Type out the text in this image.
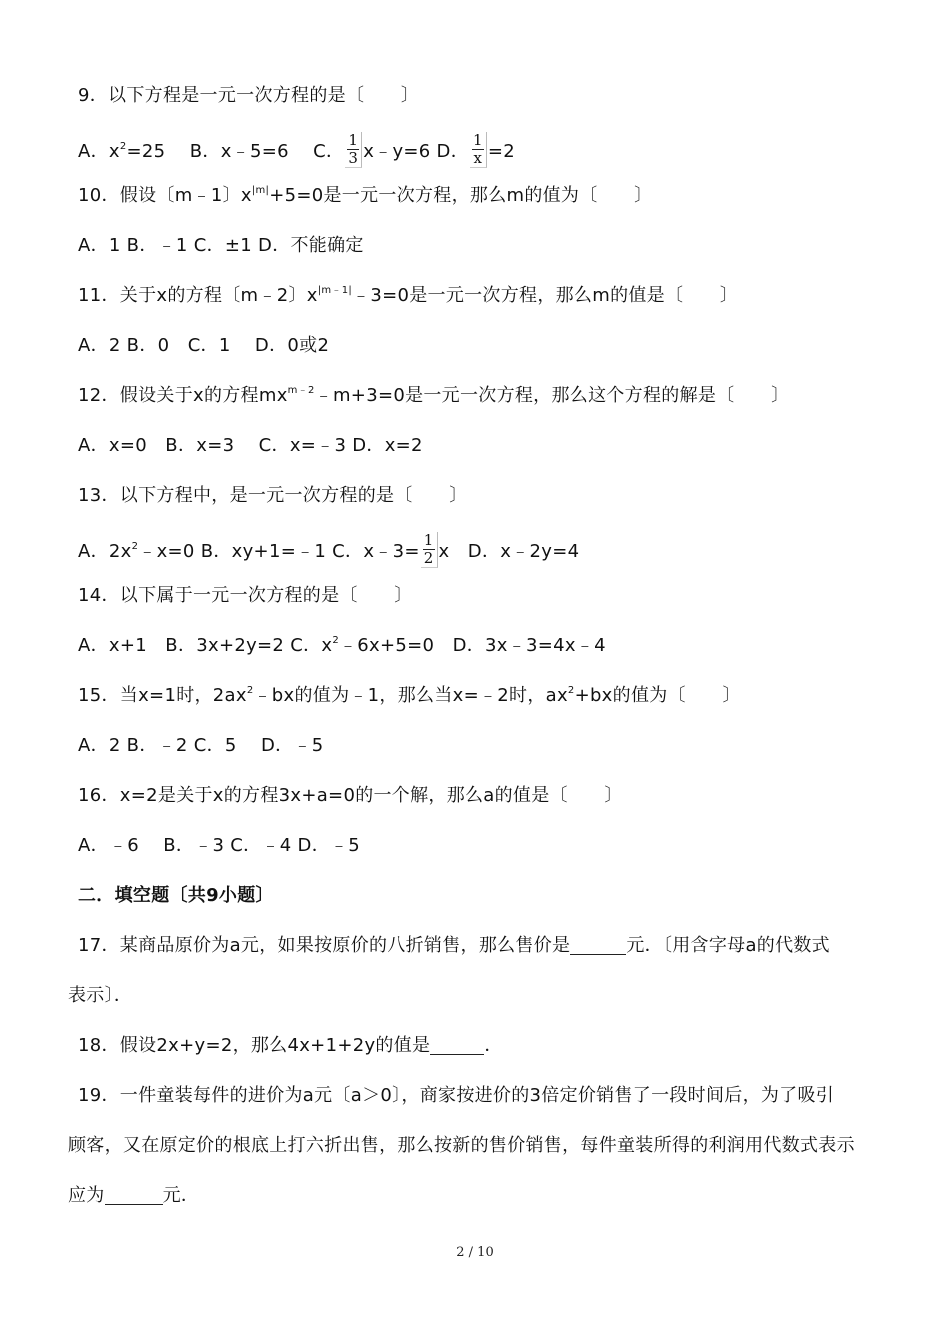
9．以下方程是一元一次方程的是〔　　〕
A．$x^2=25$　 B．x﹣5=6　 C． $\frac{1}{3}$ x﹣y=6 D． $\frac{1}{x} =2$
10．假设〔m﹣1〕$x^{|m|}+5=0$是一元一次方程，那么m的值为〔　　〕
A．1 B．﹣1 C．±1 D．不能确定
11．关于x的方程〔m﹣2〕$x^{|m﹣1|}﹣3=0$是一元一次方程，那么m的值是〔　　〕
A．2 B．0　C．1　 D．0或2
12．假设关于x的方程$mx^{m﹣2}﹣m+3=0$是一元一次方程，那么这个方程的解是〔　　〕
A．x=0　B．x=3　 C．x=﹣3 D．x=2
13．以下方程中，是一元一次方程的是〔　　〕
A．$2x^2﹣x=0$ B．xy+1=﹣1 C．x﹣3= $\frac{1}{2}$ x　D．x﹣2y=4
14．以下属于一元一次方程的是〔　　〕
A．x+1　B．3x+2y=2 C．$x^2﹣6x+5=0$　D．3x﹣3=4x﹣4
15．当x=1时，$2ax^2﹣bx$的值为﹣1，那么当x=﹣2时，$ax^2+bx$的值为〔　　〕
A．2 B．﹣2 C．5　 D．﹣5
16．x=2是关于x的方程3x+a=0的一个解，那么a的值是〔　　〕
A．﹣6　 B．﹣3 C．﹣4 D．﹣5
二．填空题〔共9小题〕
17．某商品原价为a元，如果按原价的八折销售，那么售价是	元．〔用含字母a的代数式
表示〕．
18．假设2x+y=2，那么4x+1+2y的值是	．
19．一件童装每件的进价为a元〔a＞0〕，商家按进价的3倍定价销售了一段时间后，为了吸引
顾客，又在原定价的根底上打六折出售，那么按新的售价销售，每件童装所得的利润用代数式表示
应为	元．
2 / 10
